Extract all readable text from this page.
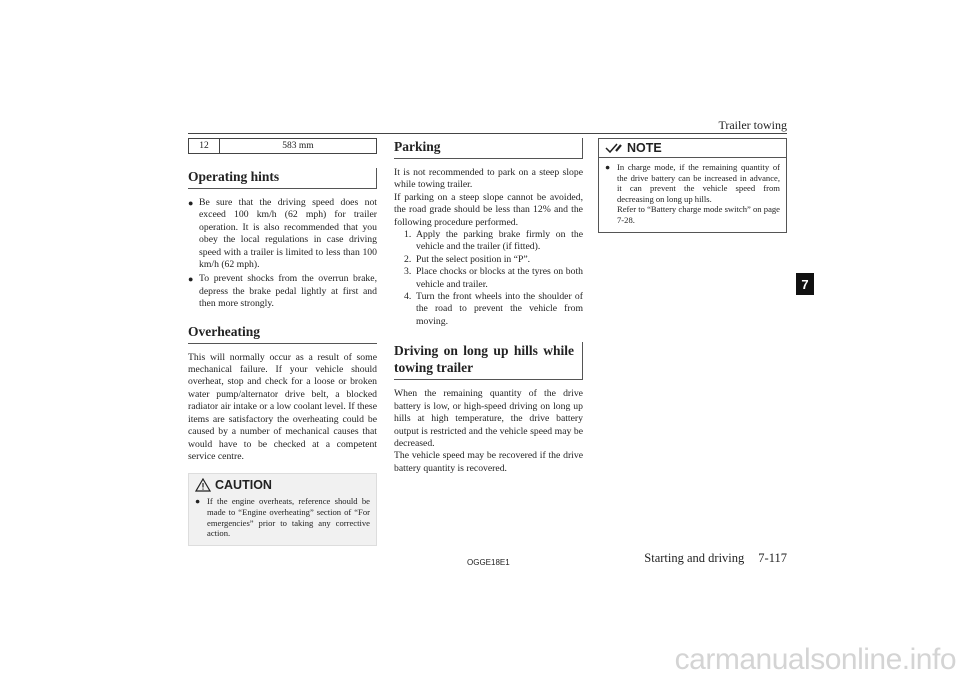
Trailer towing
7
12	583 mm
Operating hints
● Be sure that the driving speed does not exceed 100 km/h (62 mph) for trailer operation. It is also recommended that you obey the local regulations in case driving speed with a trailer is limited to less than 100 km/h (62 mph).
● To prevent shocks from the overrun brake, depress the brake pedal lightly at first and then more strongly.
Overheating

This will normally occur as a result of some mechanical failure. If your vehicle should overheat, stop and check for a loose or broken water pump/alternator drive belt, a blocked radiator air intake or a low coolant level. If these items are satisfactory the overheating could be caused by a number of mechanical causes that would have to be checked at a competent service centre.

CAUTION
● If the engine overheats, reference should be made to “Engine overheating” section of “For emergencies” prior to taking any corrective action.
Parking

It is not recommended to park on a steep slope while towing trailer.

If parking on a steep slope cannot be avoided, the road grade should be less than 12% and the following procedure performed.

1. Apply the parking brake firmly on the vehicle and the trailer (if fitted).
2. Put the select position in “P”.
3. Place chocks or blocks at the tyres on both vehicle and trailer.
4. Turn the front wheels into the shoulder of the road to prevent the vehicle from moving.
Driving on long up hills while towing trailer

When the remaining quantity of the drive battery is low, or high-speed driving on long up hills at high temperature, the drive battery output is restricted and the vehicle speed may be decreased.

The vehicle speed may be recovered if the drive battery quantity is recovered.

NOTE
● In charge mode, if the remaining quantity of the drive battery can be increased in advance, it can prevent the vehicle speed from decreasing on long up hills.
Refer to “Battery charge mode switch” on page 7-28.
OGGE18E1	Starting and driving 7-117
carmanualsonline.info
